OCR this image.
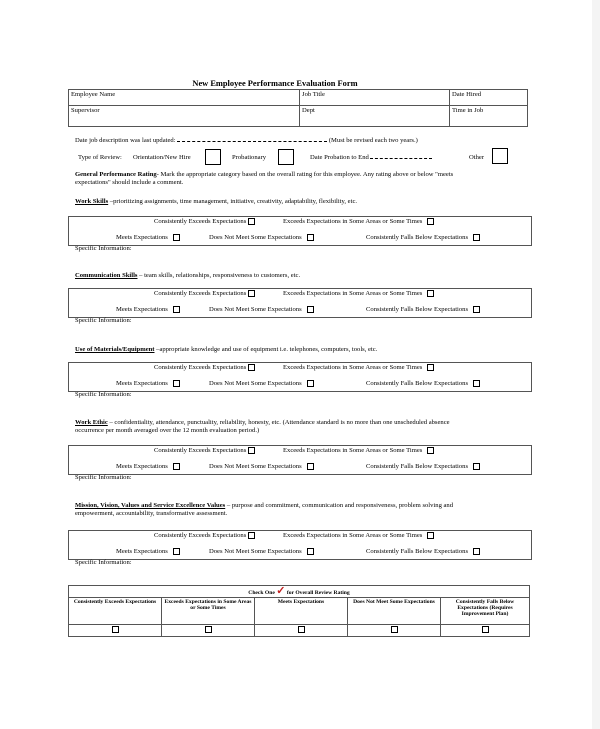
New Employee Performance Evaluation Form
Employee Name	Job Title	Date Hired
Supervisor	Dept	Time in Job
Date job description was last updated:	(Must be revised each two years.)
Type of Review: Orientation/New Hire	Probationary	Date Probation to End	Other
General Performance Rating- Mark the appropriate category based on the overall rating for this employee. Any rating above or below "meets
expectations" should include a comment.
Work Skills –prioritizing assignments, time management, initiative, creativity, adaptability, flexibility, etc.

Consistently Exceeds Expectations	Exceeds Expectations in Some Areas or Some Times
Meets Expectations	Does Not Meet Some Expectations	Consistently Falls Below Expectations
Specific Information:
Communication Skills – team skills, relationships, responsiveness to customers, etc.

Consistently Exceeds Expectations	Exceeds Expectations in Some Areas or Some Times
Meets Expectations	Does Not Meet Some Expectations	Consistently Falls Below Expectations
Specific Information:
Use of Materials/Equipment –appropriate knowledge and use of equipment i.e. telephones, computers, tools, etc.

Consistently Exceeds Expectations	Exceeds Expectations in Some Areas or Some Times
Meets Expectations	Does Not Meet Some Expectations	Consistently Falls Below Expectations
Specific Information:
Work Ethic – confidentiality, attendance, punctuality, reliability, honesty, etc. (Attendance standard is no more than one unscheduled absence
occurrence per month averaged over the 12 month evaluation period.)
Consistently Exceeds Expectations	Exceeds Expectations in Some Areas or Some Times
Meets Expectations	Does Not Meet Some Expectations	Consistently Falls Below Expectations
Specific Information:
Mission, Vision, Values and Service Excellence Values – purpose and commitment, communication and responsiveness, problem solving and
empowerment, accountability, transformative assessment.
Consistently Exceeds Expectations	Exceeds Expectations in Some Areas or Some Times
Meets Expectations	Does Not Meet Some Expectations	Consistently Falls Below Expectations
Specific Information:
Check One ✓ for Overall Review Rating				
Consistently Exceeds Expectations	Exceeds Expectations in Some Areas or Some Times	Meets Expectations	Does Not Meet Some Expectations	Consistently Falls Below Expectations (Requires Improvement Plan)
